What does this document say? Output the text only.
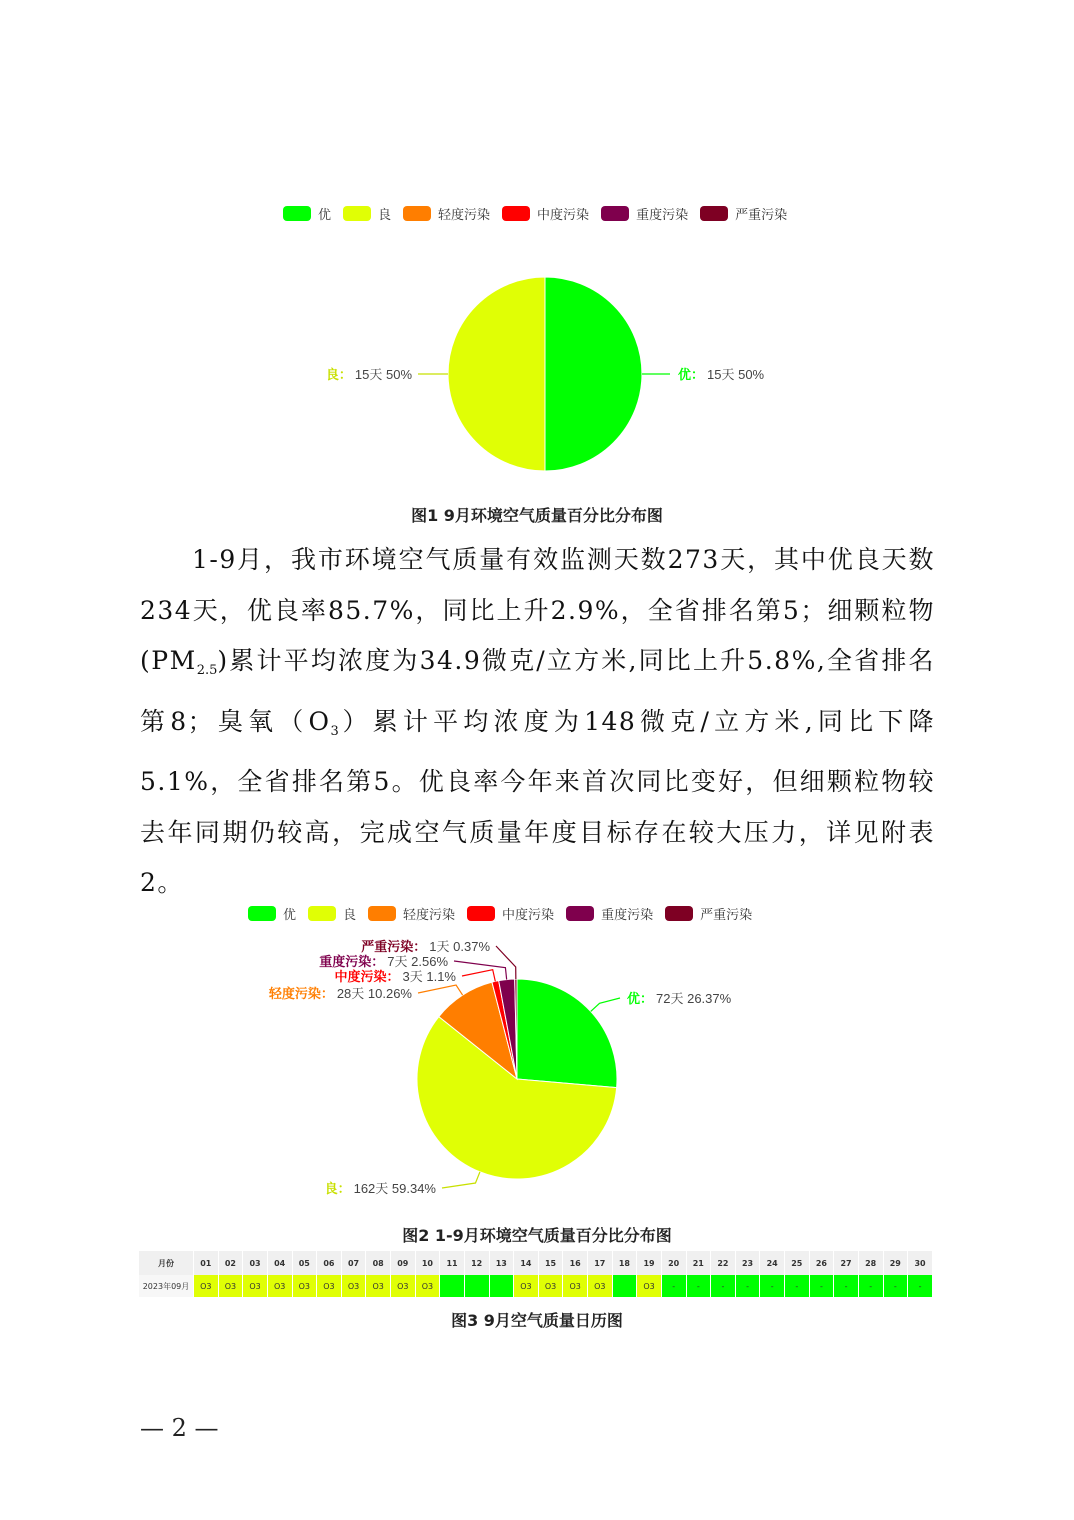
优	良	轻度污染	中度污染	重度污染	严重污染
优： 15天 50%
良： 15天 50%
图1 9月环境空气质量百分比分布图

1-9月，我市环境空气质量有效监测天数273天，其中优良天数234天，优良率85.7%，同比上升2.9%，全省排名第5；细颗粒物$(PM_{2.5})$累计平均浓度为34.9微克/立方米,同比上升5.8%,全省排名第8；臭氧$(O_3)$累计平均浓度为148微克/立方米,同比下降5.1%，全省排名第5。优良率今年来首次同比变好，但细颗粒物较去年同期仍较高，完成空气质量年度目标存在较大压力，详见附表2。

优	良	轻度污染	中度污染	重度污染	严重污染
优： 72天 26.37%
良： 162天 59.34%
轻度污染： 28天 10.26%
中度污染： 3天 1.1%
重度污染： 7天 2.56%
严重污染： 1天 0.37%
图2 1-9月环境空气质量百分比分布图
月份	01	02	03	04	05	06	07	08	09	10	11	12	13	14	15	16	17	18	19	20	21	22	23	24	25	26	27	28	29	30
2023年09月	O3	O3	O3	O3	O3	O3	O3	O3	O3	O3				O3	O3	O3	O3		O3	-	-	-	-	-	-	-	-	-	-	-
图3 9月空气质量日历图
— 2 —
